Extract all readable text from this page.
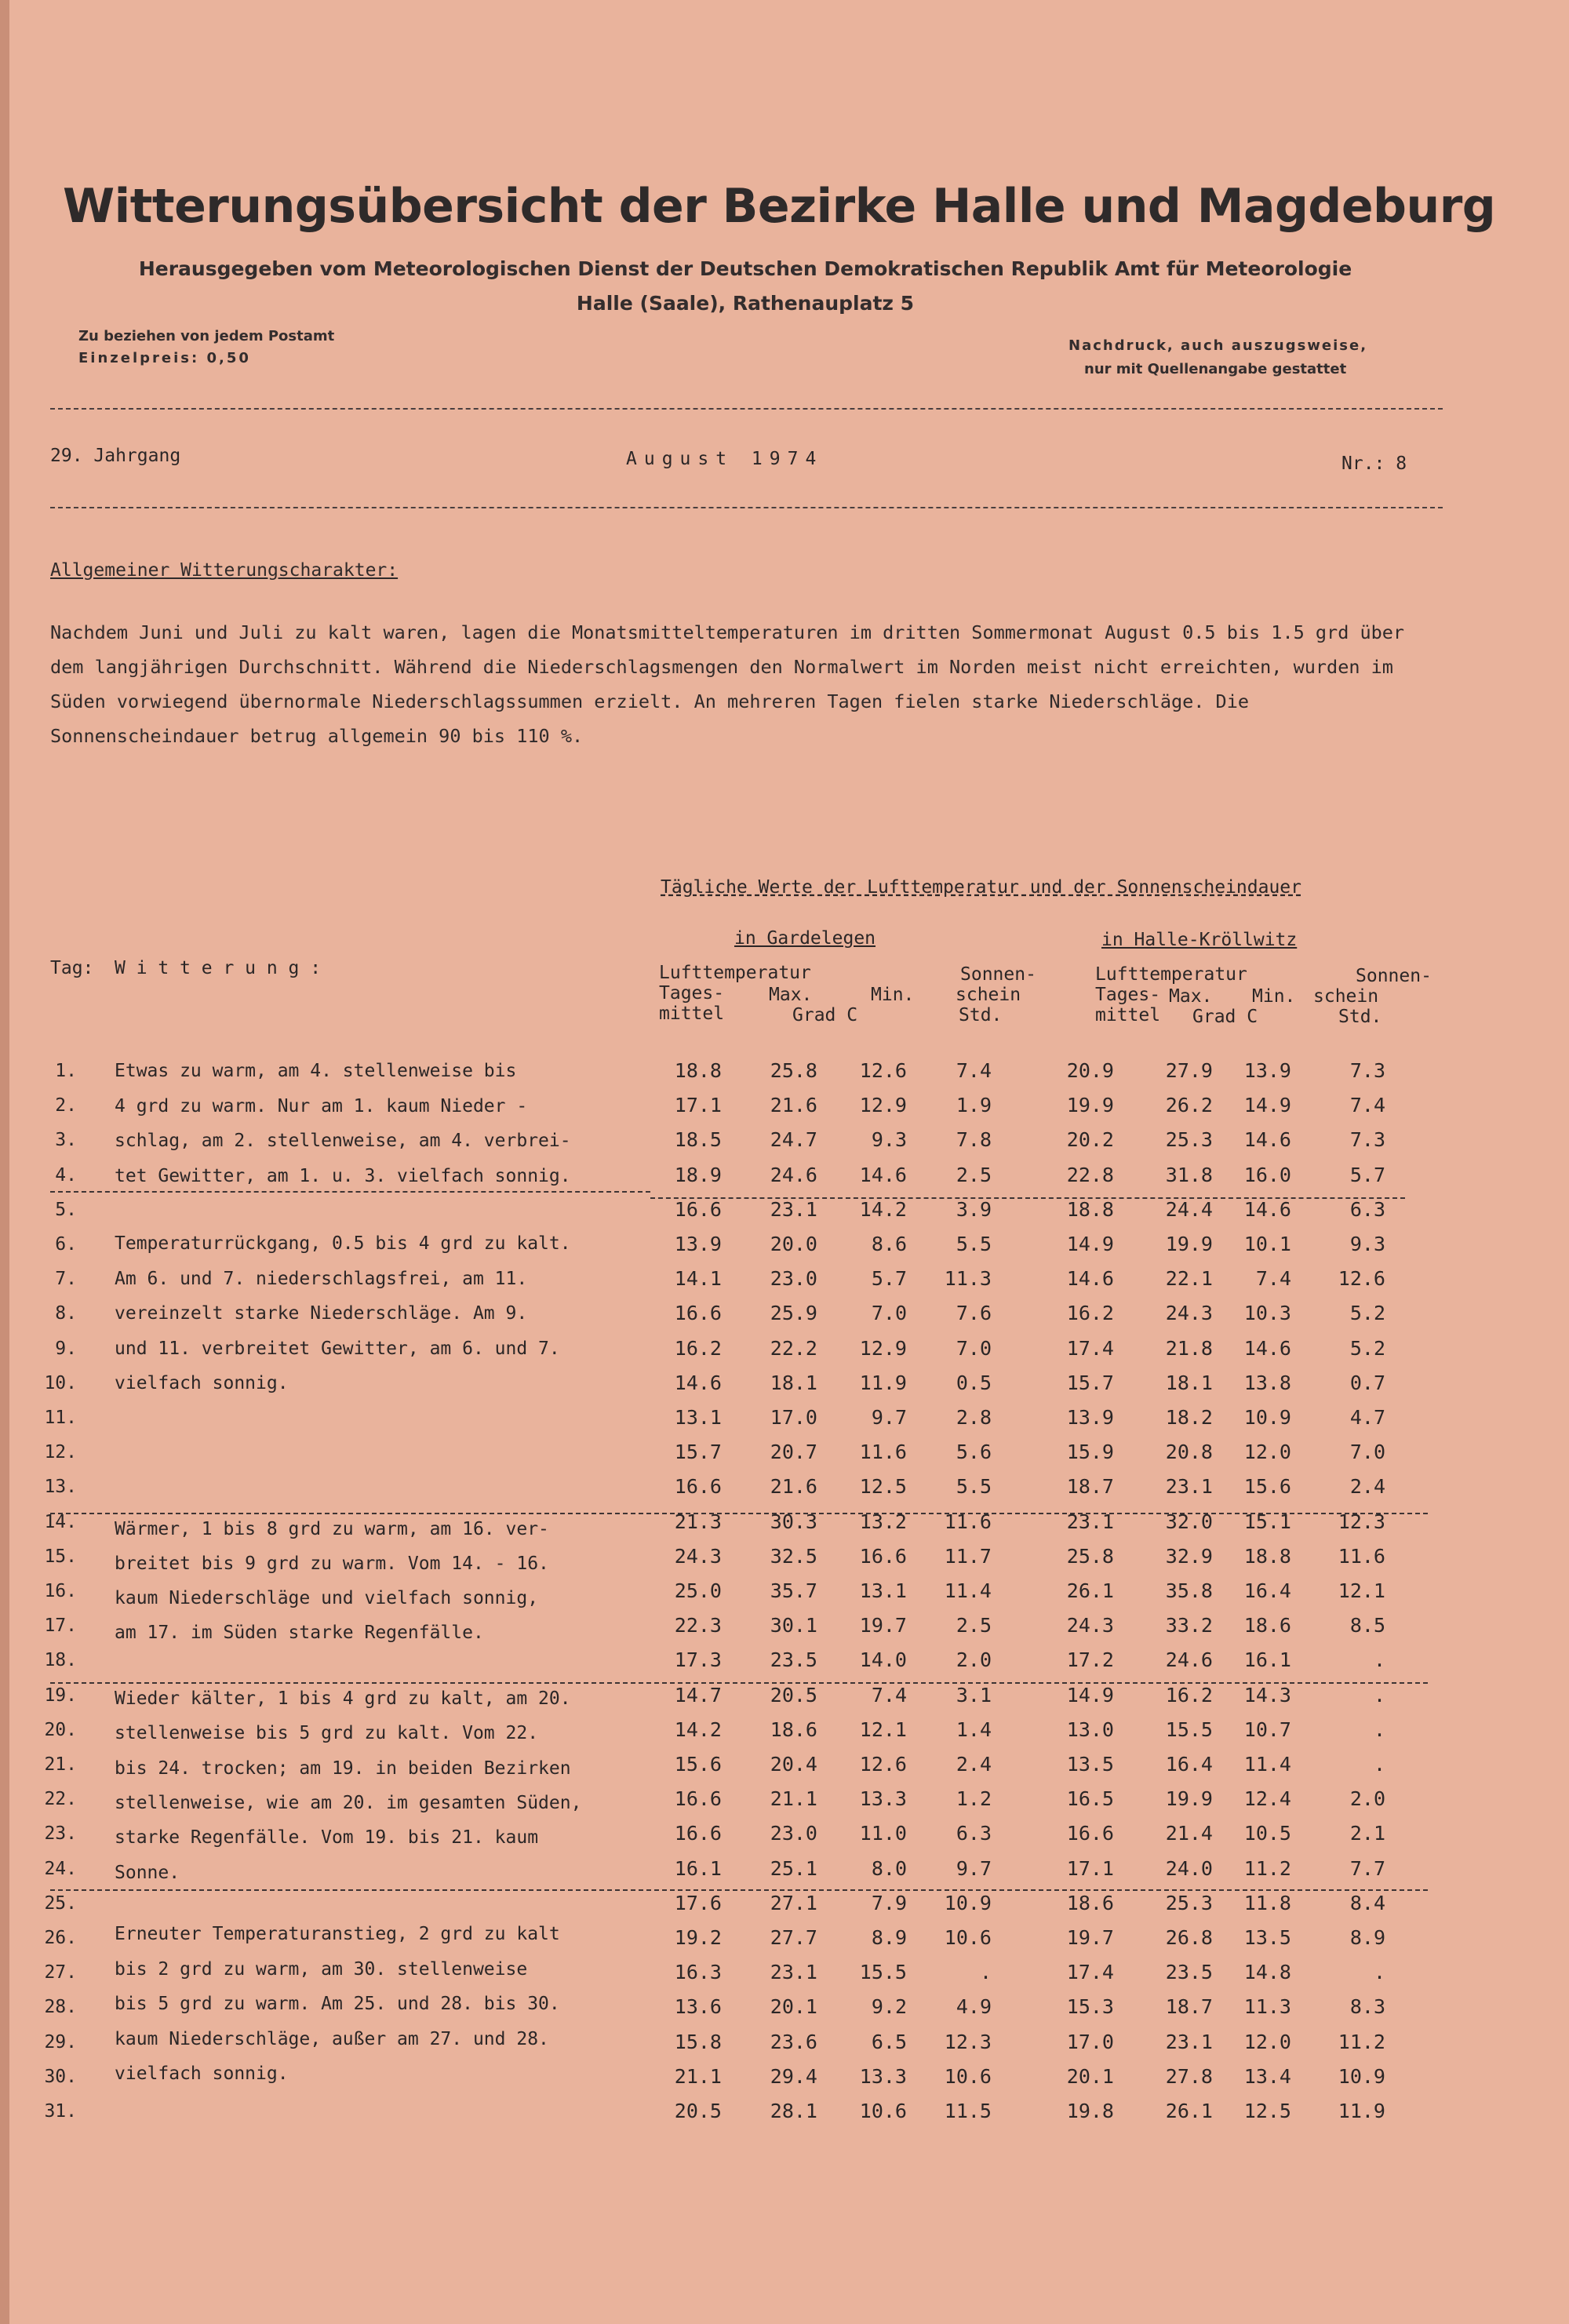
Witterungsübersicht der Bezirke Halle und Magdeburg
Herausgegeben vom Meteorologischen Dienst der Deutschen Demokratischen Republik Amt für Meteorologie
Halle (Saale), Rathenauplatz 5
Zu beziehen von jedem Postamt
Einzelpreis: 0,50
Nachdruck, auch auszugsweise,
nur mit Quellenangabe gestattet
29. Jahrgang	August 1974	Nr.: 8
Allgemeiner Witterungscharakter:
Nachdem Juni und Juli zu kalt waren, lagen die Monatsmitteltemperaturen im dritten Sommermonat August 0.5 bis 1.5 grd über dem langjährigen Durchschnitt. Während die Niederschlagsmengen den Normalwert im Norden meist nicht erreichten, wurden im Süden vorwiegend übernormale Niederschlagssummen erzielt. An mehreren Tagen fielen starke Niederschläge. Die Sonnenscheindauer betrug allgemein 90 bis 110 %.
Tägliche Werte der Lufttemperatur und der Sonnenscheindauer
in Gardelegen	in Halle-Kröllwitz
Tag: W i t t e r u n g :	Lufttemperatur	Sonnen-
Tages- Max.	Min. schein
mittel	Grad C	Std.
Lufttemperatur	Sonnen-
Tages- Max. Min. schein
mittel Grad C	Std.
1.	18.8	25.8	12.6	7.4	20.9	27.9	13.9	7.3
2.	17.1	21.6	12.9	1.9	19.9	26.2	14.9	7.4
3.	18.5	24.7	9.3	7.8	20.2	25.3	14.6	7.3
4.	18.9	24.6	14.6	2.5	22.8	31.8	16.0	5.7
5.	16.6	23.1	14.2	3.9	18.8	24.4	14.6	6.3
6.	13.9	20.0	8.6	5.5	14.9	19.9	10.1	9.3
7.	14.1	23.0	5.7	11.3	14.6	22.1	7.4	12.6
8.	16.6	25.9	7.0	7.6	16.2	24.3	10.3	5.2
9.	16.2	22.2	12.9	7.0	17.4	21.8	14.6	5.2
10.	14.6	18.1	11.9	0.5	15.7	18.1	13.8	0.7
11.	13.1	17.0	9.7	2.8	13.9	18.2	10.9	4.7
12.	15.7	20.7	11.6	5.6	15.9	20.8	12.0	7.0
13.	16.6	21.6	12.5	5.5	18.7	23.1	15.6	2.4
14.	21.3	30.3	13.2	11.6	23.1	32.0	15.1	12.3
15.	24.3	32.5	16.6	11.7	25.8	32.9	18.8	11.6
16.	25.0	35.7	13.1	11.4	26.1	35.8	16.4	12.1
17.	22.3	30.1	19.7	2.5	24.3	33.2	18.6	8.5
18.	17.3	23.5	14.0	2.0	17.2	24.6	16.1	.
19.	14.7	20.5	7.4	3.1	14.9	16.2	14.3	.
20.	14.2	18.6	12.1	1.4	13.0	15.5	10.7	.
21.	15.6	20.4	12.6	2.4	13.5	16.4	11.4	.
22.	16.6	21.1	13.3	1.2	16.5	19.9	12.4	2.0
23.	16.6	23.0	11.0	6.3	16.6	21.4	10.5	2.1
24.	16.1	25.1	8.0	9.7	17.1	24.0	11.2	7.7
25.	17.6	27.1	7.9	10.9	18.6	25.3	11.8	8.4
26.	19.2	27.7	8.9	10.6	19.7	26.8	13.5	8.9
27.	16.3	23.1	15.5	.	17.4	23.5	14.8	.
28.	13.6	20.1	9.2	4.9	15.3	18.7	11.3	8.3
29.	15.8	23.6	6.5	12.3	17.0	23.1	12.0	11.2
30.	21.1	29.4	13.3	10.6	20.1	27.8	13.4	10.9
31.	20.5	28.1	10.6	11.5	19.8	26.1	12.5	11.9
Etwas zu warm, am 4. stellenweise bis
4 grd zu warm. Nur am 1. kaum Nieder -
schlag, am 2. stellenweise, am 4. verbrei-
tet Gewitter, am 1. u. 3. vielfach sonnig.
Temperaturrückgang, 0.5 bis 4 grd zu kalt.
Am 6. und 7. niederschlagsfrei, am 11.
vereinzelt starke Niederschläge. Am 9.
und 11. verbreitet Gewitter, am 6. und 7.
vielfach sonnig.
Wärmer, 1 bis 8 grd zu warm, am 16. ver-
breitet bis 9 grd zu warm. Vom 14. - 16.
kaum Niederschläge und vielfach sonnig,
am 17. im Süden starke Regenfälle.
Wieder kälter, 1 bis 4 grd zu kalt, am 20.
stellenweise bis 5 grd zu kalt. Vom 22.
bis 24. trocken; am 19. in beiden Bezirken
stellenweise, wie am 20. im gesamten Süden,
starke Regenfälle. Vom 19. bis 21. kaum
Sonne.
Erneuter Temperaturanstieg, 2 grd zu kalt
bis 2 grd zu warm, am 30. stellenweise
bis 5 grd zu warm. Am 25. und 28. bis 30.
kaum Niederschläge, außer am 27. und 28.
vielfach sonnig.
